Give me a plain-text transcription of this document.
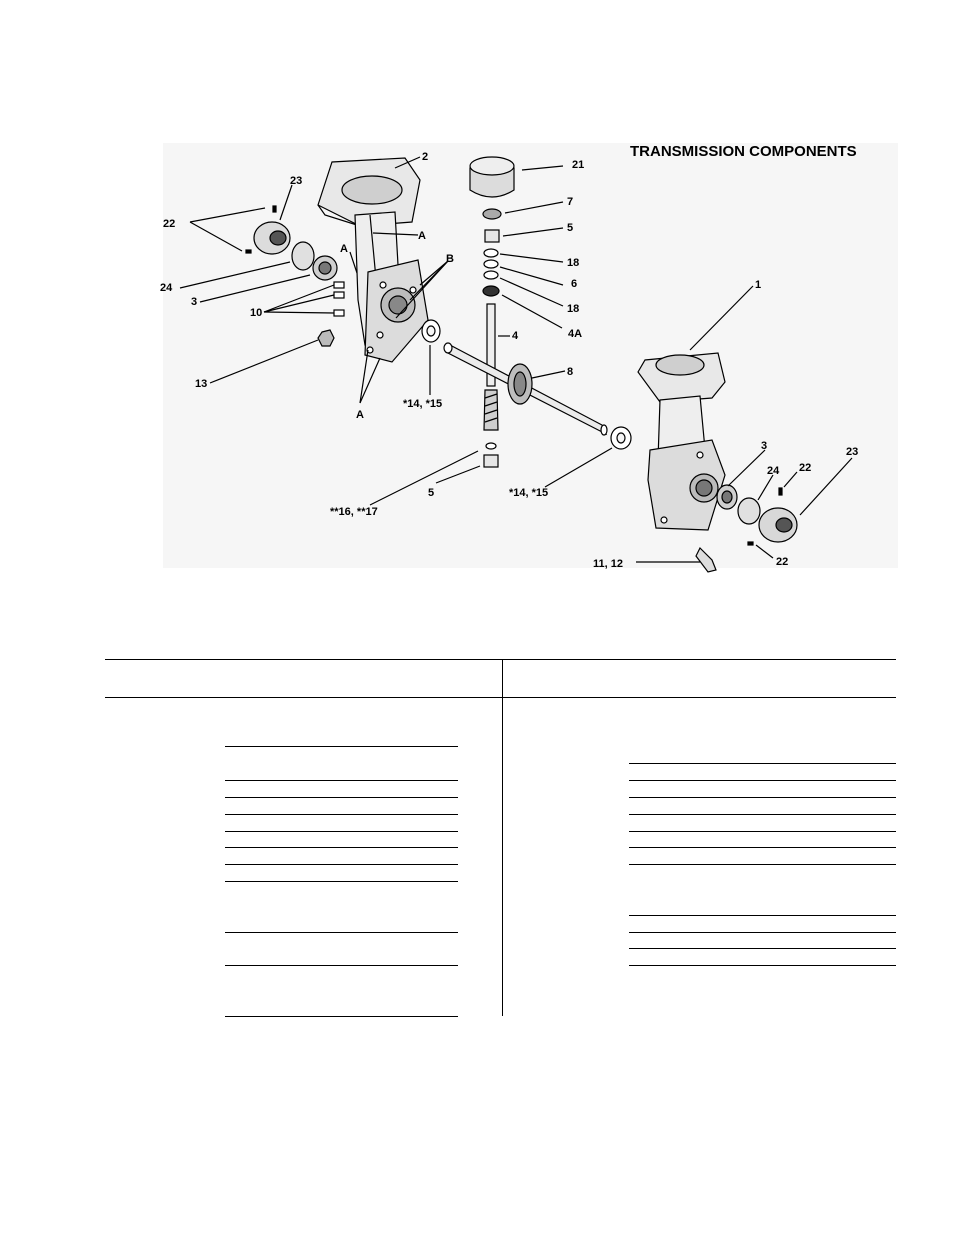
TRANSMISSION COMPONENTS
2
23
22
24
3
10
13
A
A
A
B
*14, *15
21
7
5
18
6
18
4A
4
8
5
**16, **17
*14, *15
1
3
24 22
23
22
11, 12
